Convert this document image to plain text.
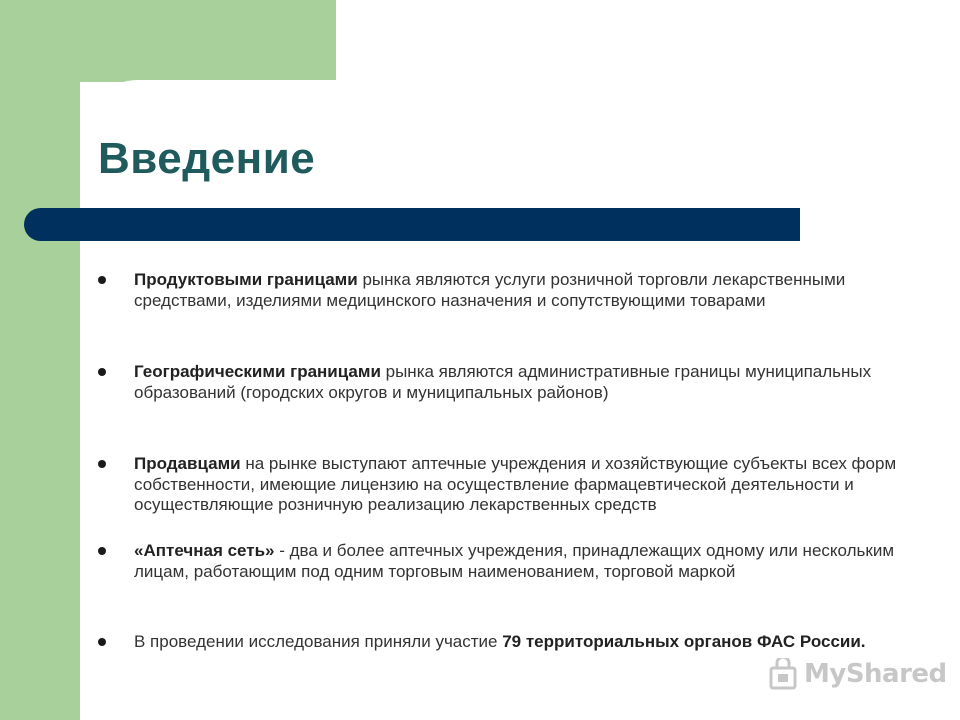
Введение
Продуктовыми границами рынка являются услуги розничной торговли лекарственными средствами, изделиями медицинского назначения и сопутствующими товарами
Географическими границами рынка являются административные границы муниципальных образований (городских округов и муниципальных районов)
Продавцами на рынке выступают аптечные учреждения и хозяйствующие субъекты всех форм собственности, имеющие лицензию на осуществление фармацевтической деятельности и осуществляющие розничную реализацию лекарственных средств
«Аптечная сеть» - два и более аптечных учреждения, принадлежащих одному или нескольким лицам, работающим под одним торговым наименованием, торговой маркой
В проведении исследования приняли участие 79 территориальных органов ФАС России.
MyShared
